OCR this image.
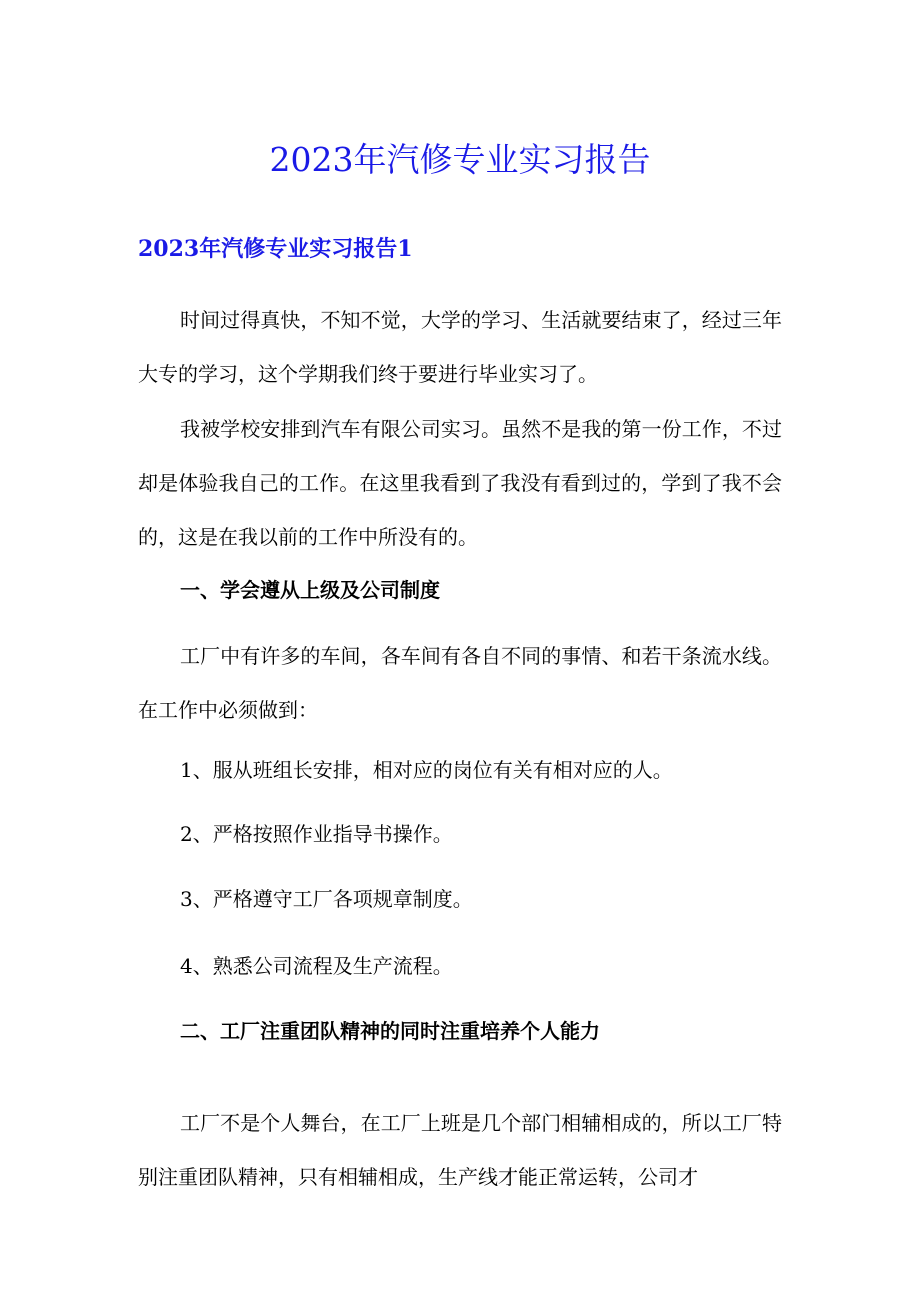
2023年汽修专业实习报告
2023年汽修专业实习报告1

时间过得真快，不知不觉，大学的学习、生活就要结束了，经过三年大专的学习，这个学期我们终于要进行毕业实习了。

我被学校安排到汽车有限公司实习。虽然不是我的第一份工作，不过却是体验我自己的工作。在这里我看到了我没有看到过的，学到了我不会的，这是在我以前的工作中所没有的。

一、学会遵从上级及公司制度

工厂中有许多的车间，各车间有各自不同的事情、和若干条流水线。在工作中必须做到：

1、服从班组长安排，相对应的岗位有关有相对应的人。

2、严格按照作业指导书操作。

3、严格遵守工厂各项规章制度。

4、熟悉公司流程及生产流程。

二、工厂注重团队精神的同时注重培养个人能力

工厂不是个人舞台，在工厂上班是几个部门相辅相成的，所以工厂特别注重团队精神，只有相辅相成，生产线才能正常运转，公司才
